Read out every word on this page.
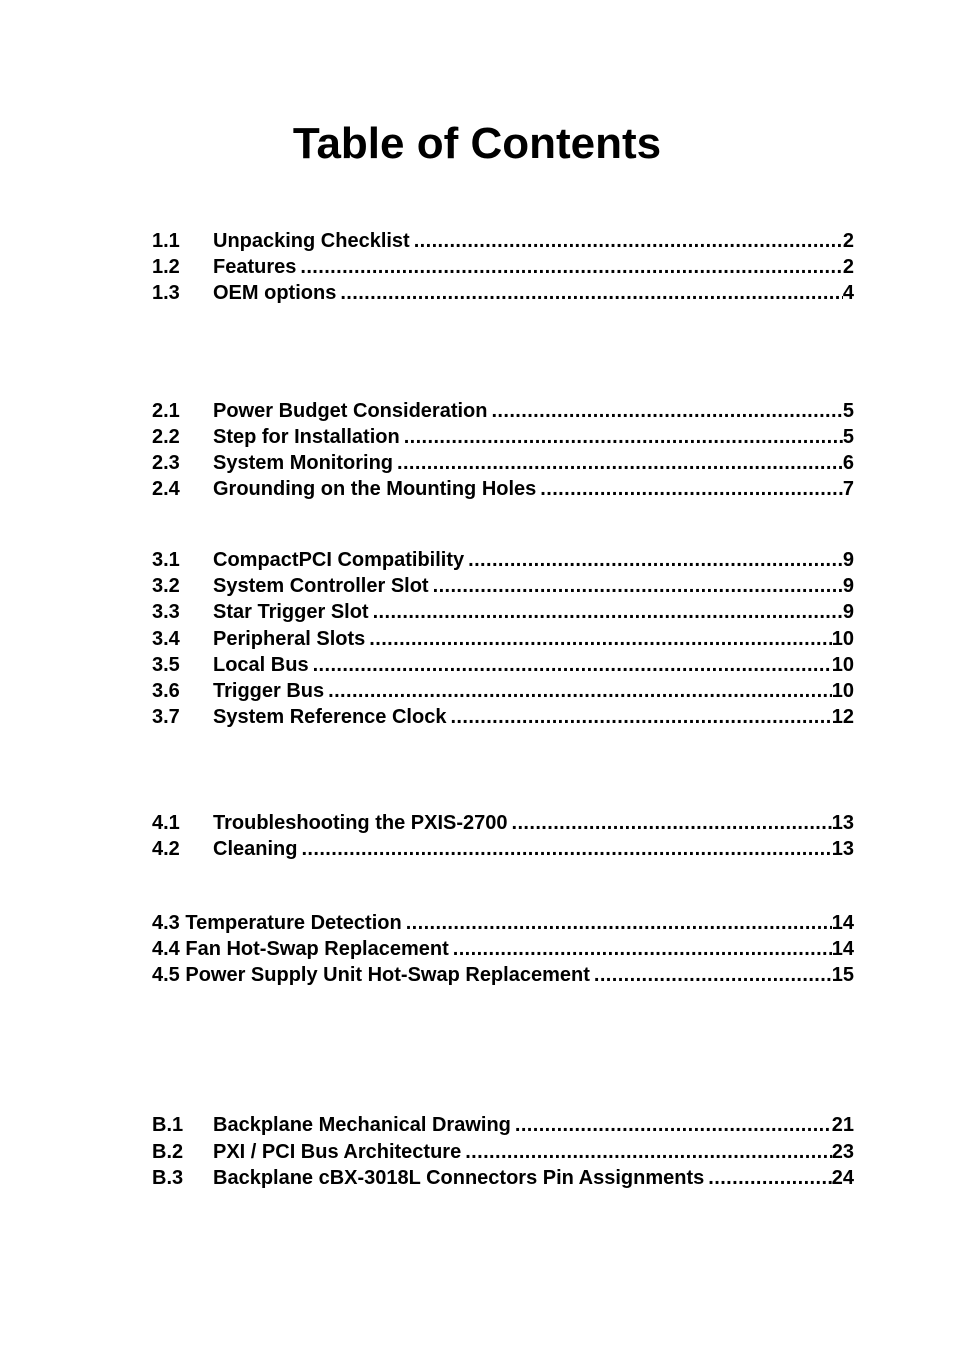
Table of Contents
1.1	Unpacking Checklist .....	2
1.2	Features .....	2
1.3	OEM options .....	4
2.1	Power Budget Consideration .....	5
2.2	Step for Installation .....	5
2.3	System Monitoring .....	6
2.4	Grounding on the Mounting Holes .....	7
3.1	CompactPCI Compatibility .....	9
3.2	System Controller Slot .....	9
3.3	Star Trigger Slot .....	9
3.4	Peripheral Slots .....	10
3.5	Local Bus .....	10
3.6	Trigger Bus .....	10
3.7	System Reference Clock .....	12
4.1	Troubleshooting the PXIS-2700 .....	13
4.2	Cleaning .....	13
4.3 Temperature Detection .....	14
4.4 Fan Hot-Swap Replacement .....	14
4.5 Power Supply Unit Hot-Swap Replacement .....	15
B.1	Backplane Mechanical Drawing .....	21
B.2	PXI / PCI Bus Architecture .....	23
B.3	Backplane cBX-3018L Connectors Pin Assignments .....	24
